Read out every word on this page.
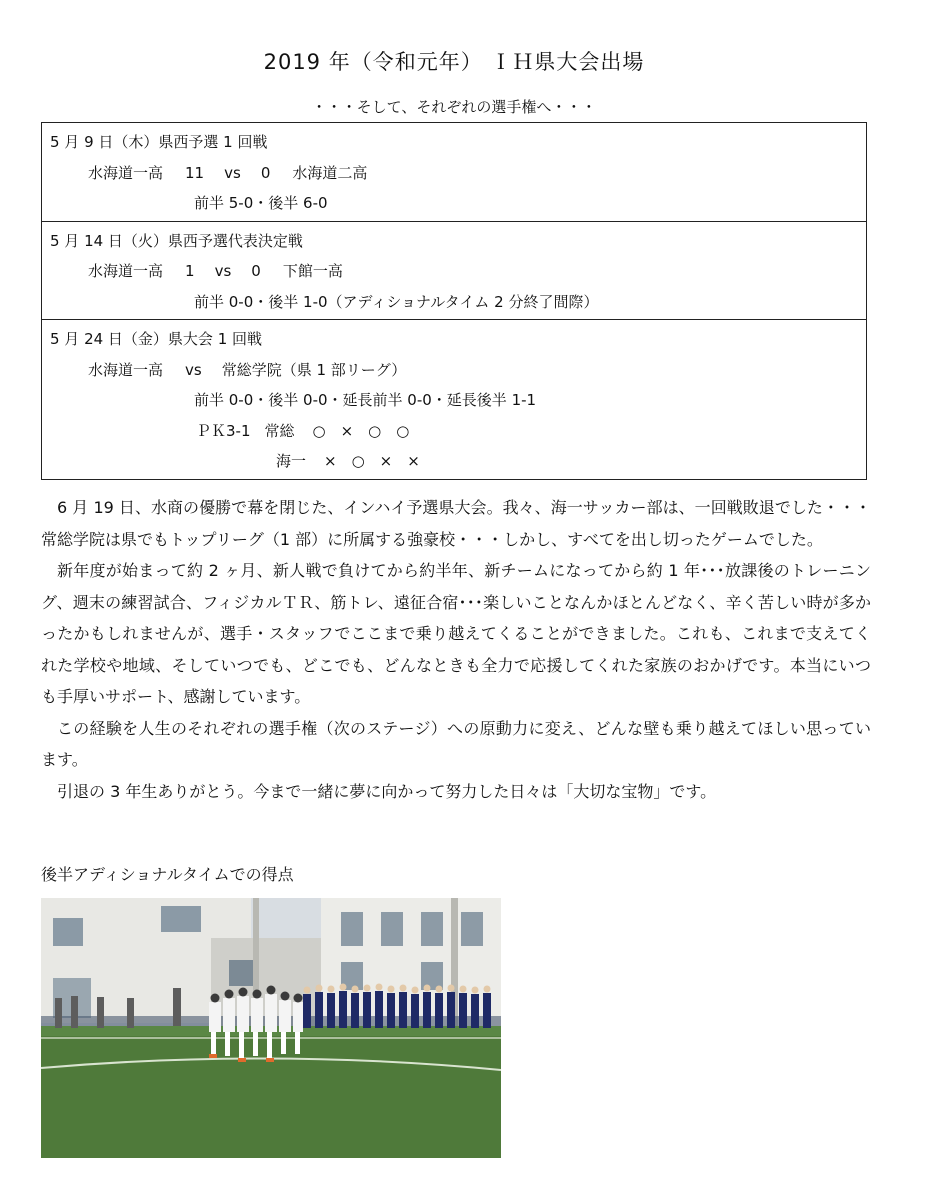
2019 年（令和元年） ＩＨ県大会出場
・・・そして、それぞれの選手権へ・・・
5 月 9 日（木）県西予選 1 回戦
水海道一高 11 vs 0 水海道二高
前半 5-0・後半 6-0
5 月 14 日（火）県西予選代表決定戦
水海道一高 1 vs 0 下館一高
前半 0-0・後半 1-0（アディショナルタイム 2 分終了間際）
5 月 24 日（金）県大会 1 回戦
水海道一高 vs 常総学院（県 1 部リーグ）
前半 0-0・後半 0-0・延長前半 0-0・延長後半 1-1
ＰＫ3-1 常総 ○　×　○　○
海一 ×　○　×　×

6 月 19 日、水商の優勝で幕を閉じた、インハイ予選県大会。我々、海一サッカー部は、一回戦敗退でした・・・常総学院は県でもトップリーグ（1 部）に所属する強豪校・・・しかし、すべてを出し切ったゲームでした。

新年度が始まって約 2 ヶ月、新人戦で負けてから約半年、新チームになってから約 1 年･･･放課後のトレーニング、週末の練習試合、フィジカルＴＲ、筋トレ、遠征合宿･･･楽しいことなんかほとんどなく、辛く苦しい時が多かったかもしれませんが、選手・スタッフでここまで乗り越えてくることができました。これも、これまで支えてくれた学校や地域、そしていつでも、どこでも、どんなときも全力で応援してくれた家族のおかげです。本当にいつも手厚いサポート、感謝しています。

この経験を人生のそれぞれの選手権（次のステージ）への原動力に変え、どんな壁も乗り越えてほしい思っています。

引退の 3 年生ありがとう。今まで一緒に夢に向かって努力した日々は「大切な宝物」です。

後半アディショナルタイムでの得点
